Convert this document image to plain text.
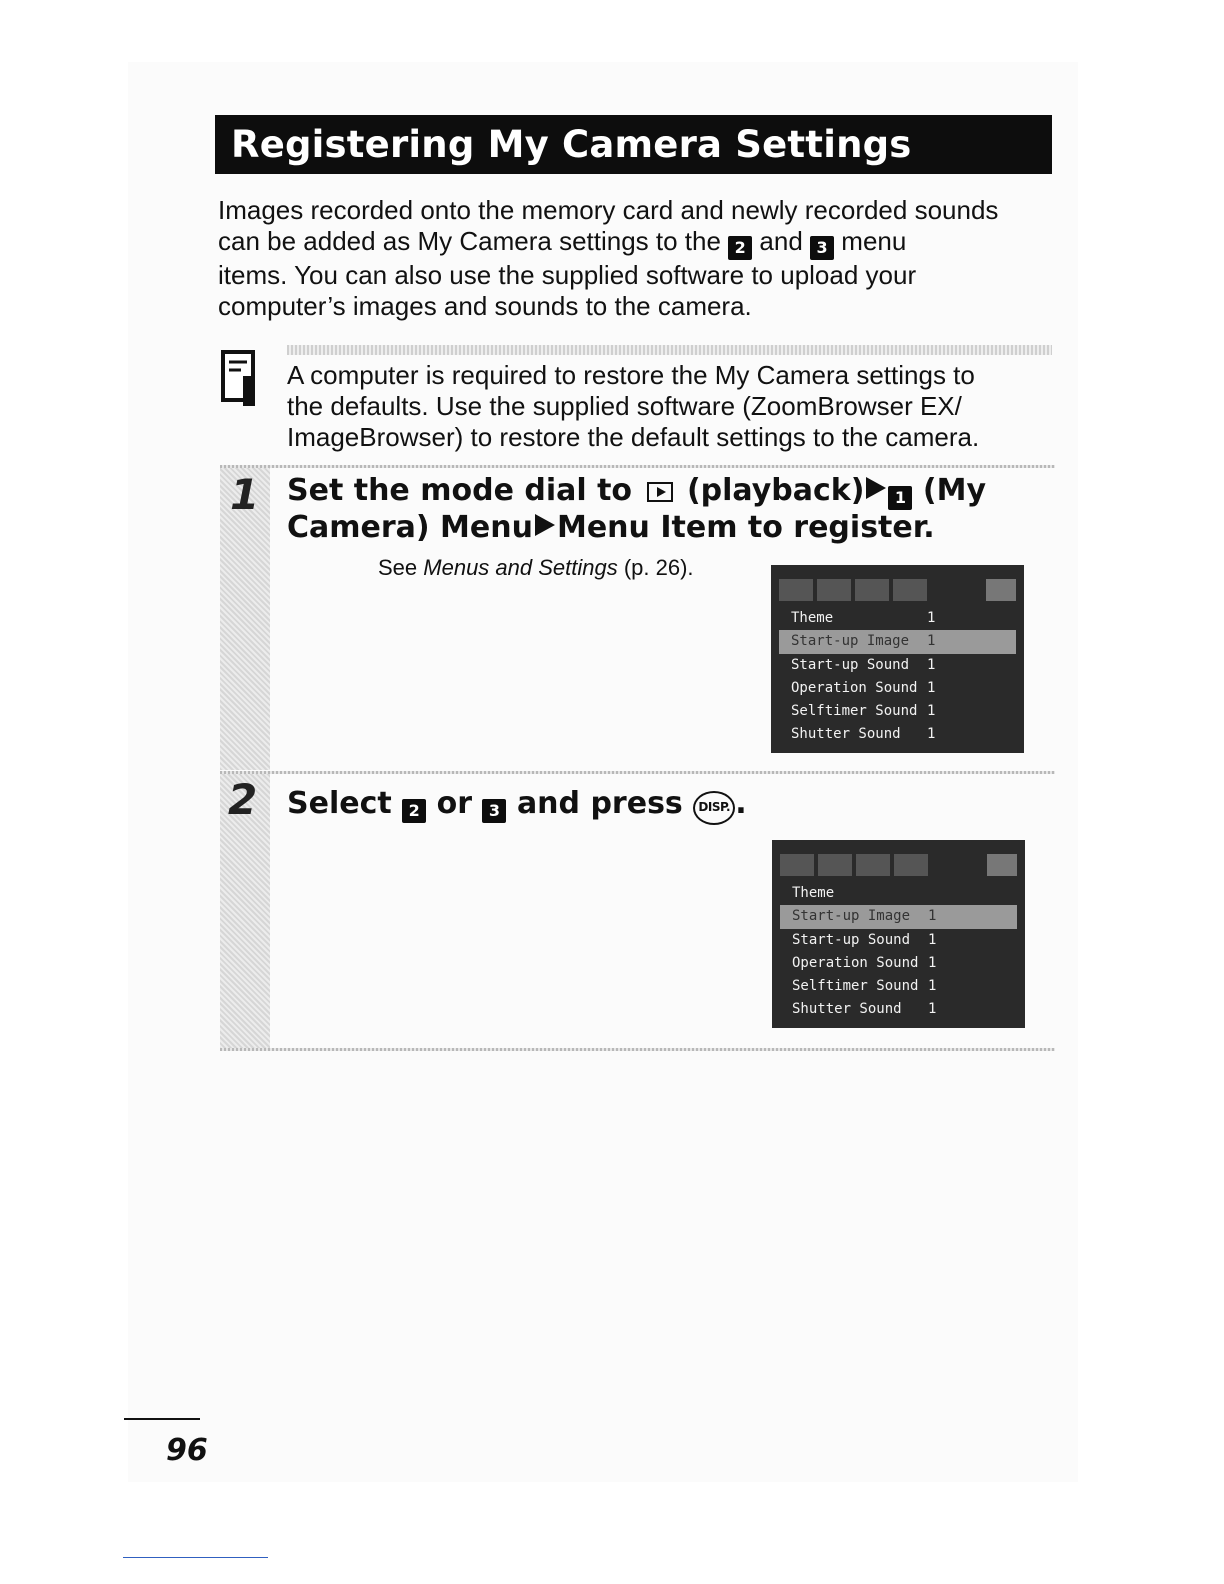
Registering My Camera Settings

Images recorded onto the memory card and newly recorded sounds
can be added as My Camera settings to the 2 and 3 menu
items. You can also use the supplied software to upload your
computer’s images and sounds to the camera.

A computer is required to restore the My Camera settings to
the defaults. Use the supplied software (ZoomBrowser EX/
ImageBrowser) to restore the default settings to the camera.

1 Set the mode dial to (playback) 1 (My
Camera) Menu Menu Item to register.

See Menus and Settings (p. 26).

Theme	1
Start-up Image 1
Start-up Sound 1
Operation Sound 1
Selftimer Sound 1
Shutter Sound 1
2 Select 2 or 3 and press DISP. .
Theme
Start-up Image 1
Start-up Sound 1
Operation Sound 1
Selftimer Sound 1
Shutter Sound 1
96
